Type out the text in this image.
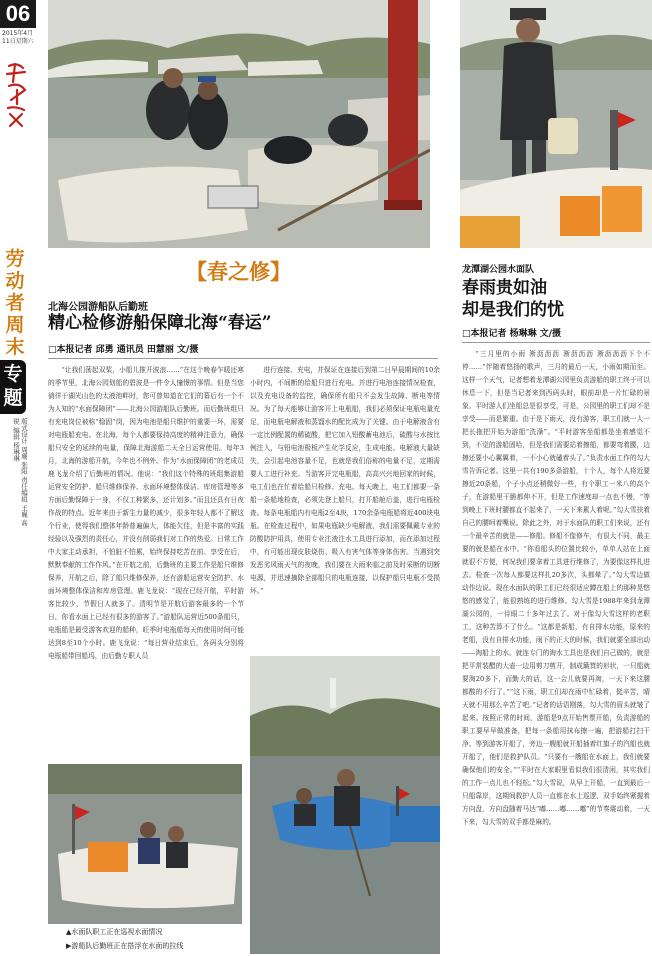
06
2015年4月11日星期六
劳动者周末
专题
版式设计 周珊 张阳 责任编辑 王巍 高锐 编辑 杨琳琳
【春之修】
北海公园游船队后勤班
精心检修游船保障北海“春运”
□本报记者 邱勇 通讯员 田慧丽 文/摄
“让我们荡起双桨，小船儿推开波浪……”在这个晚春乍暖还寒的季节里，北海公园划船的碧波是一件令人憧憬的事情。但是当您徜徉于湖光山色的太液池畔时，您可曾知道在它们的幕后有一个不为人知的“水面保障团”——北海公园游船队后勤班。而后勤班组只有充电岗位被称“稳固”岗，因为电池是船只维护的重要一环，需要对电瓶船充电。在北海，每个人都要保持高度的精神注意力，确保船只安全的延续的电量，保障北海游船二天全日运营使用。每年3月，北海的游船开航，今年也不例外。作为“水面保障团”的老成员鹿飞龙介绍了后勤班的情况。他说：“我们这个特殊的班组集游船运营安全防护、船只维修保养、水面环境整体保洁、库房管理等多方面后勤保障于一身，不仅工种繁多，还计划多。”而且还具有日夜作战的特点。近年来由于新生力量的减少，很多年轻人都不了解这个行业，使得我们整体年龄普遍偏大，体能欠佳，但是丰富的实践经验以及强烈的责任心，并没有削弱我们对工作的热爱。日常工作中大家主动承担，不怕脏不怕累，始终保持吃苦在前、享受在后，默默奉献的工作作风。”在开航之前，后勤班的主要工作是船只维修保养，开航之后，除了船只维修保养，还有游船运营安全防护、水面环境整体保洁和库房管理。鹿飞龙说：“现在已经开航，平时游客比较少，节假日人就多了。清明节是开航后游客最多的一个节日，你看水面上已经有很多的游客了。”游船队运营近500条船只，电瓶船是最受游客欢迎的船种，旺季时电瓶船每天的使用时间可能达到8至10个小时。鹿飞龙说：“每日营业结束后，各码头分别将电瓶船带回船坞，由后勤专职人员
进行连接、充电，并保证在连接后到第二日早晨期间的10余小时内，不间断的给船只进行充电。并进行电池连接情况检查，以及充电设备的监控，确保所有船只不会发生故障、断电等情况。为了每天能够让游客开上电瓶船，我们必须保证电瓶电量充足，而电瓶电解液和蒸馏水的配比成为了关键。由于电解液含有一定比例配置的稀硫酸，把它加入铅酸蓄电池后，硫酸与水按比例注入，与铅电池极板产生化学反应，生成电能。电解液大量缺失，会引起电池容量不足，也就是我们俗称的电量不足，定期需要人工进行补充。当游客开完电瓶船，高高兴兴地回家的时候，电工们也在忙着给船只检修、充电。每天晚上，电工们都要一条船一条船地检查，必须先登上船只，打开船舱后盖，进行电瓶检查。每条电瓶船内有电瓶2至4块，170余条电瓶船将近400块电瓶。在检查过程中，如果电瓶缺少电解液，我们需要佩戴专业的防酸防护用具，使用专业注液注水工具进行添加，而在添加过程中，有可能出现皮肤烧伤、吸入有害气体等身体伤害。当遇到突发恶劣风雨天气的夜晚，我们要在大雨来临之前及时采断的切断电源，并迅速摘除全部船只的电瓶连接，以保护船只电瓶不受损坏。”
龙潭湖公园水面队
春雨贵如油
却是我们的忧
□本报记者 杨琳琳 文/摄
“三月里的小雨 淅沥沥沥 淅沥沥沥 淅沥沥沥下个不停……”伴随着悠扬的歌声，三月的最后一天，小雨如期而至。这样一个天气，记者想着龙潭湖公园里负责游船的职工终于可以休息一下，但是当记者来到西码头时，眼前却是一片忙碌的景象。平时游人们坐船总是很享受，可是，公园里的职工们却不是享受——而是繁重。由于是下雨天，没有游客，职工们就一人一把长拖把开始为游船“洗澡”。“平时游客坐船都是坐着感觉不到，不觉的游船固哈，但是我们需要站着擦船，都要弯着腰，边擦还要小心翼翼着，一不小心就磕着头了。”负责水面工作的勾大雪告诉记者。这里一共有190多条游船，十个人，每个人将近要擦近20条船，个子小点还稍微好一些，有个职工一米八的高个子，在游船里干脆都伸不开，但是工作速度却一点也不慢，“等到晚上下班时腰都直不起来了，一天下来累人着呢。”勾大雪扶着自己的腰呵着嘴说。除此之外，对于水面队的职工们来说，还有一个最辛苦的就是——修船。修船不像修车，有很大不同，最主要的就是船在水中。“你看船头的位置比较小，单单人站在上面就很不方便，何况我们要拿着工具进行维修了，为要像这样扎进去。检查一次每人都要这样扎20多次，头都晕了。”勾大雪边做动作边说。现在水面队的职工们已经很适应蹲在船上的那种晃悠悠的感觉了，能很熟练的进行维修。勾大雪是1988年来到龙潭湖公园的，一待眼二十多年过去了。对于像勾大雪这样的老职工，这种苦算不了什么。“这都是新船，有自排水功能，原来的老船，没有自排水功能，雨下的正大的时候，我们就要全部出动——淘船上的水。就连专门的淘水工具也是我们自己做的，就是把平常装醋的大壶一边用剪刀剪开，制成簸箕的形状，一只船就要淘20多下，而勤大的话，这一会儿就要再淘，一天下来这腰都酸的不行了。”“这下雨，职工们却在雨中忙碌着，挺辛苦，晴天就不用那么辛苦了吧。”记者的话语刚落，勾大雪的眉头就皱了起来。按照正常的时间，游船是9点开始售票开船，负责游船的职工要早早做准备，把每一条船用抹布擦一遍，把游船打扫干净。等到游客开船了，旁边一艘船就开船插着红旗子的汽船也就开船了，他们是救护队员。“只要有一艘船在水面上，我们就要确保他们的安全。”“平时在大家眼里看似我们很清闲，其实我们的工作一点儿也不轻松。”勾大雪说，从早上开船，一直到最后一只船靠岸，这期间救护人员一直都在水上巡逻，双手始终紧握着方向盘，方向盘随着马达“嘟……嘟……嘟”的节奏震动着，一天下来，勾大雪的双手都是麻的。
▲水面队职工正在巡视水面情况
▶游船队后勤班正在搭浮在水面的拉线
